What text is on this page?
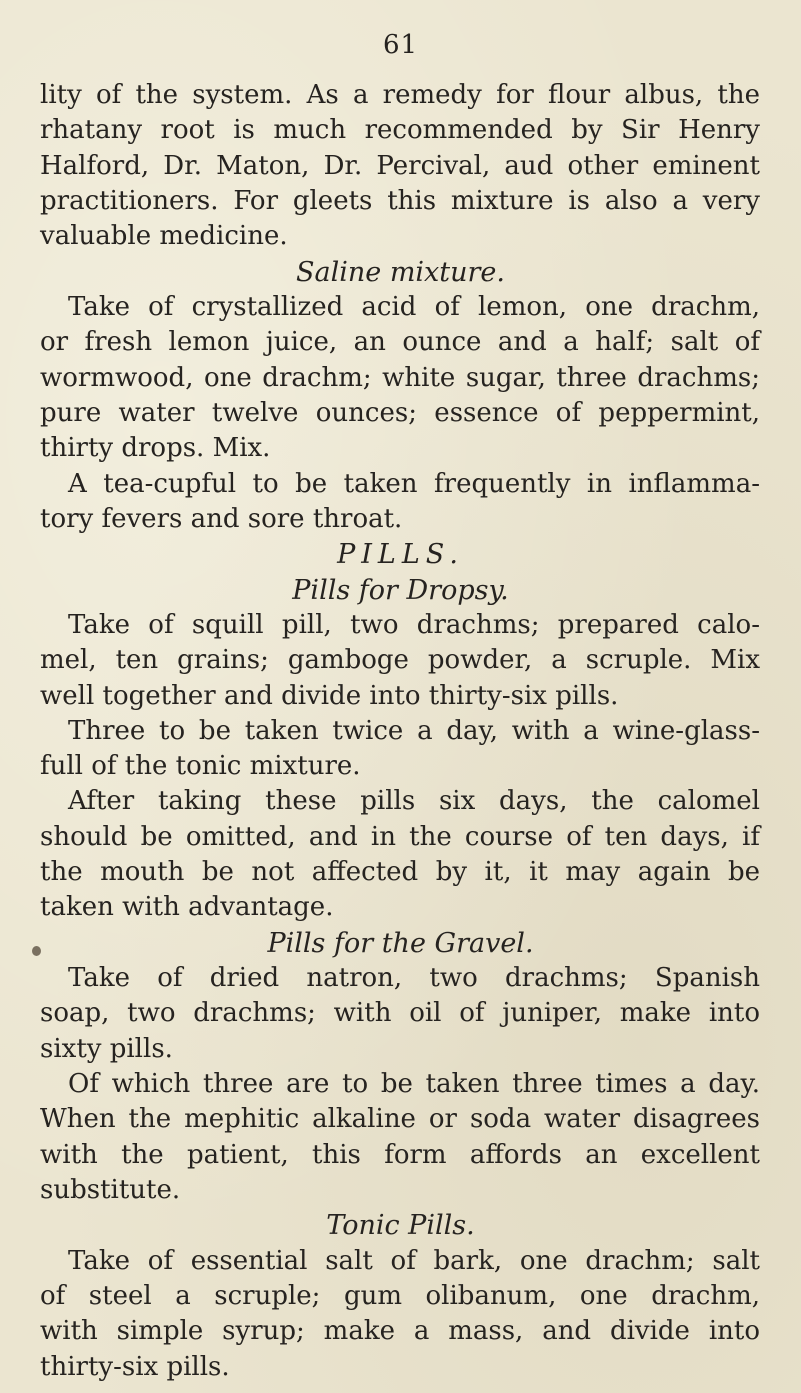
61
lity of the system. As a remedy for flour albus, the
rhatany root is much recommended by Sir Henry
Halford, Dr. Maton, Dr. Percival, aud other eminent
practitioners. For gleets this mixture is also a very
valuable medicine.
Saline mixture.
Take of crystallized acid of lemon, one drachm,
or fresh lemon juice, an ounce and a half; salt of
wormwood, one drachm; white sugar, three drachms;
pure water twelve ounces; essence of peppermint,
thirty drops. Mix.
A tea-cupful to be taken frequently in inflamma-
tory fevers and sore throat.
PILLS.
Pills for Dropsy.
Take of squill pill, two drachms; prepared calo-
mel, ten grains; gamboge powder, a scruple. Mix
well together and divide into thirty-six pills.
Three to be taken twice a day, with a wine-glass-
full of the tonic mixture.
After taking these pills six days, the calomel
should be omitted, and in the course of ten days, if
the mouth be not affected by it, it may again be
taken with advantage.
Pills for the Gravel.
Take of dried natron, two drachms; Spanish
soap, two drachms; with oil of juniper, make into
sixty pills.
Of which three are to be taken three times a day.
When the mephitic alkaline or soda water disagrees
with the patient, this form affords an excellent
substitute.
Tonic Pills.
Take of essential salt of bark, one drachm; salt
of steel a scruple; gum olibanum, one drachm,
with simple syrup; make a mass, and divide into
thirty-six pills.
